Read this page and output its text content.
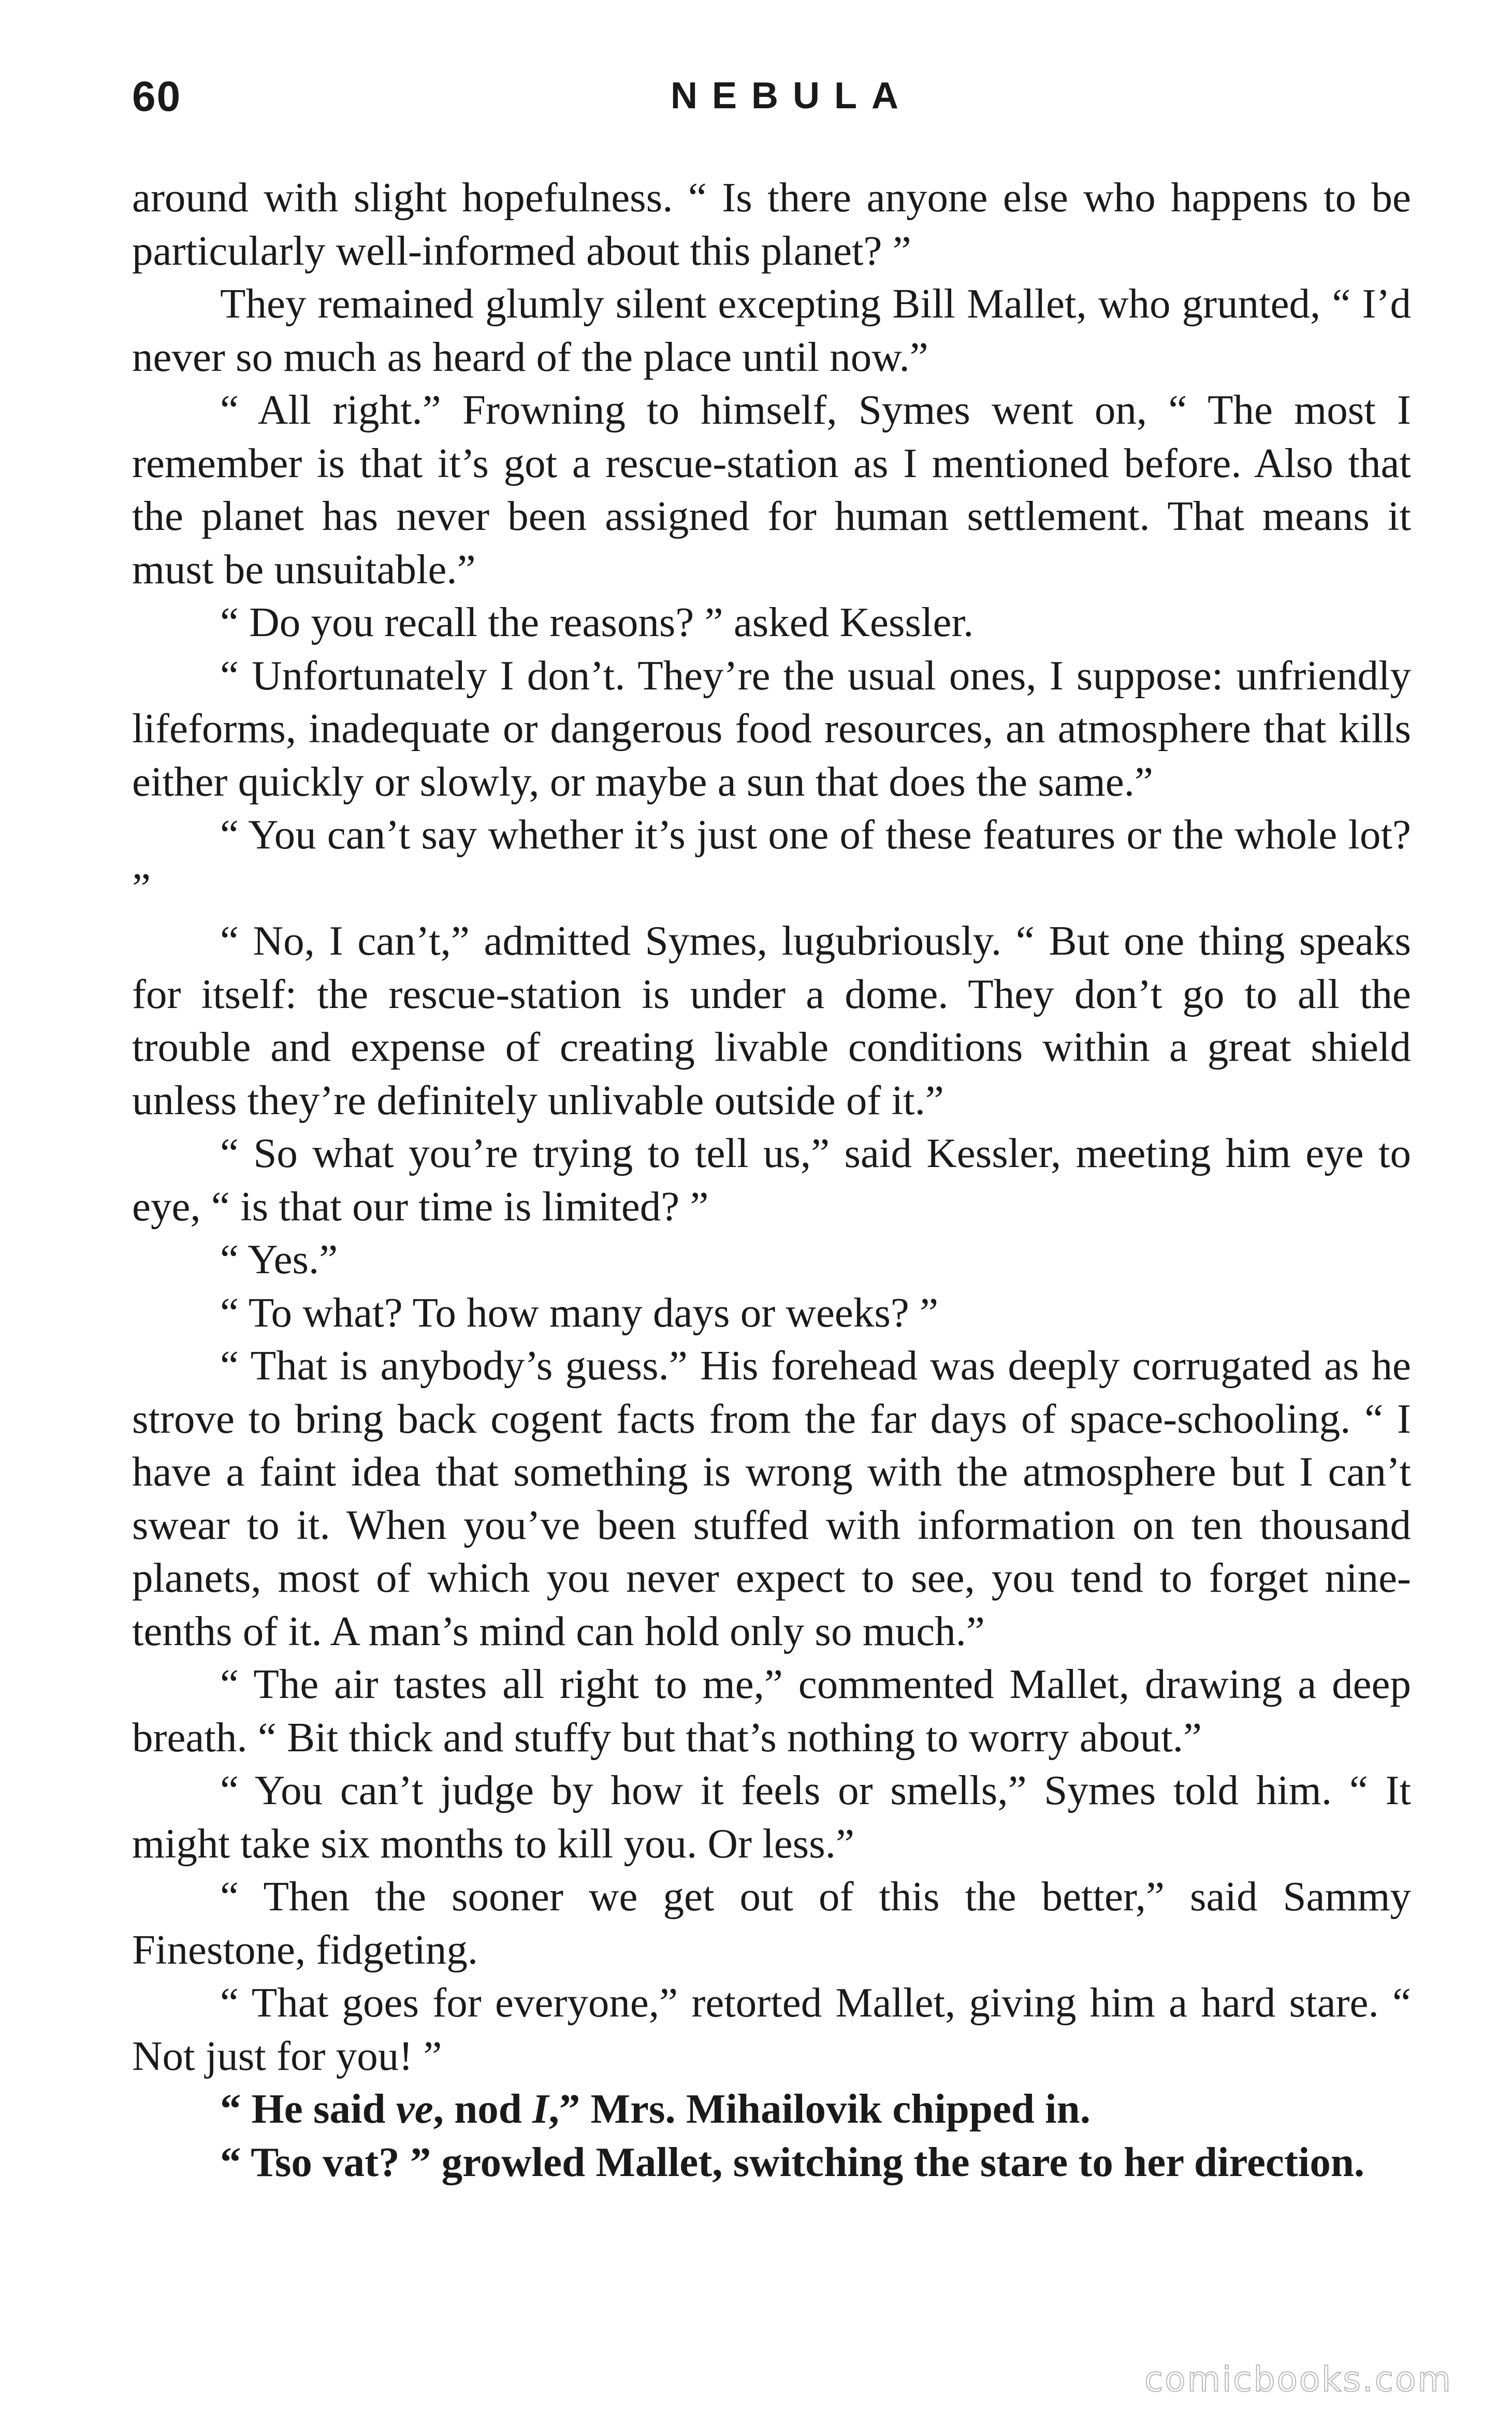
60	NEBULA

around with slight hopefulness. “ Is there anyone else who happens to be particularly well-informed about this planet? ”

They remained glumly silent excepting Bill Mallet, who grunted, “ I’d never so much as heard of the place until now.”

“ All right.” Frowning to himself, Symes went on, “ The most I remember is that it’s got a rescue-station as I mentioned before. Also that the planet has never been assigned for human settlement. That means it must be unsuitable.”

“ Do you recall the reasons? ” asked Kessler.

“ Unfortunately I don’t. They’re the usual ones, I suppose: unfriendly lifeforms, inadequate or dangerous food resources, an atmosphere that kills either quickly or slowly, or maybe a sun that does the same.”

“ You can’t say whether it’s just one of these features or the whole lot? ”

“ No, I can’t,” admitted Symes, lugubriously. “ But one thing speaks for itself: the rescue-station is under a dome. They don’t go to all the trouble and expense of creating livable conditions within a great shield unless they’re definitely unlivable outside of it.”

“ So what you’re trying to tell us,” said Kessler, meeting him eye to eye, “ is that our time is limited? ”

“ Yes.”

“ To what? To how many days or weeks? ”

“ That is anybody’s guess.” His forehead was deeply corrugated as he strove to bring back cogent facts from the far days of space-schooling. “ I have a faint idea that something is wrong with the atmosphere but I can’t swear to it. When you’ve been stuffed with information on ten thousand planets, most of which you never expect to see, you tend to forget nine-tenths of it. A man’s mind can hold only so much.”

“ The air tastes all right to me,” commented Mallet, drawing a deep breath. “ Bit thick and stuffy but that’s nothing to worry about.”

“ You can’t judge by how it feels or smells,” Symes told him. “ It might take six months to kill you. Or less.”

“ Then the sooner we get out of this the better,” said Sammy Finestone, fidgeting.

“ That goes for everyone,” retorted Mallet, giving him a hard stare. “ Not just for you! ”

“ He said ve, nod I,” Mrs. Mihailovik chipped in.

“ Tso vat? ” growled Mallet, switching the stare to her direction.

comicbooks.com
